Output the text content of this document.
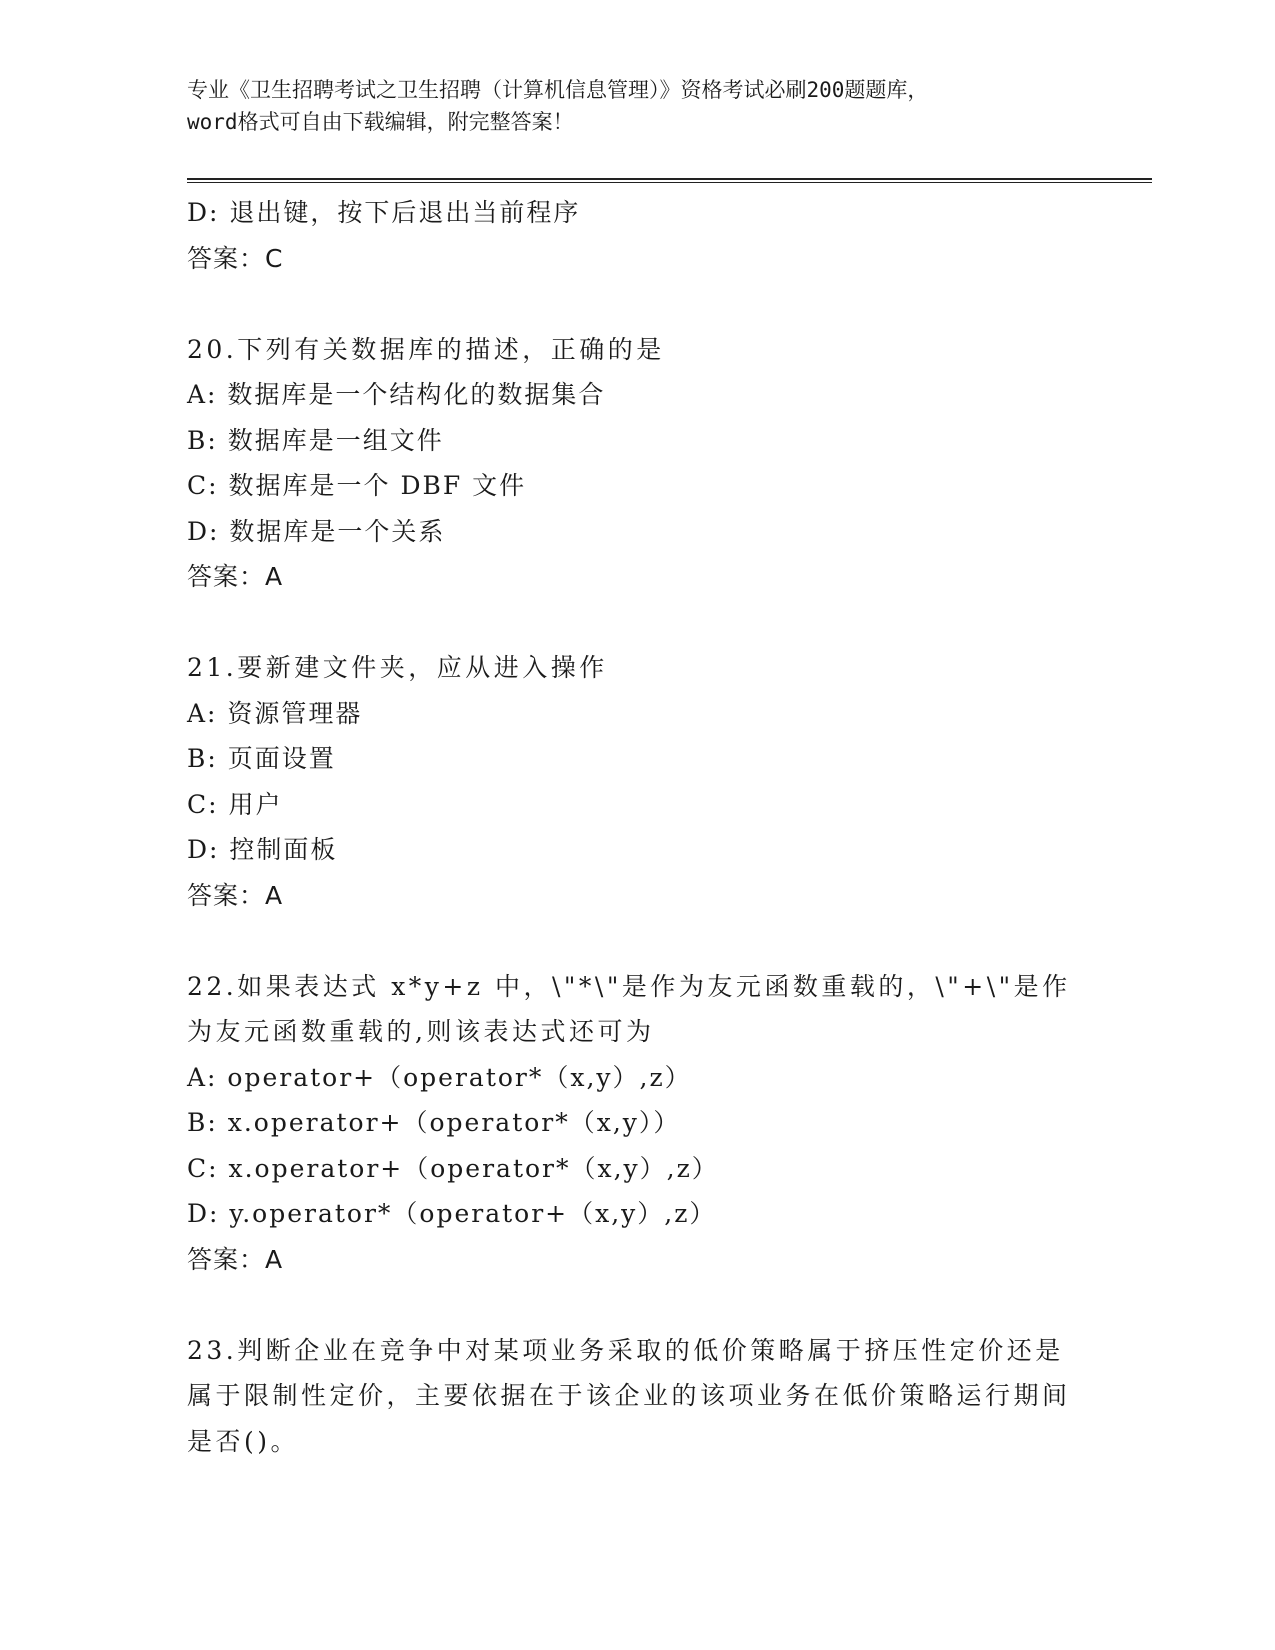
专业《卫生招聘考试之卫生招聘（计算机信息管理）》资格考试必刷200题题库，
word格式可自由下载编辑，附完整答案！
D: 退出键，按下后退出当前程序
答案：C
20.下列有关数据库的描述，正确的是
A: 数据库是一个结构化的数据集合
B: 数据库是一组文件
C: 数据库是一个 DBF 文件
D: 数据库是一个关系
答案：A
21.要新建文件夹，应从进入操作
A: 资源管理器
B: 页面设置
C: 用户
D: 控制面板
答案：A
22.如果表达式 x*y+z 中，\"*\"是作为友元函数重载的，\"+\"是作为友元函数重载的,则该表达式还可为
A: operator+（operator*（x,y）,z）
B: x.operator+（operator*（x,y））
C: x.operator+（operator*（x,y）,z）
D: y.operator*（operator+（x,y）,z）
答案：A
23.判断企业在竞争中对某项业务采取的低价策略属于挤压性定价还是属于限制性定价，主要依据在于该企业的该项业务在低价策略运行期间是否()。
